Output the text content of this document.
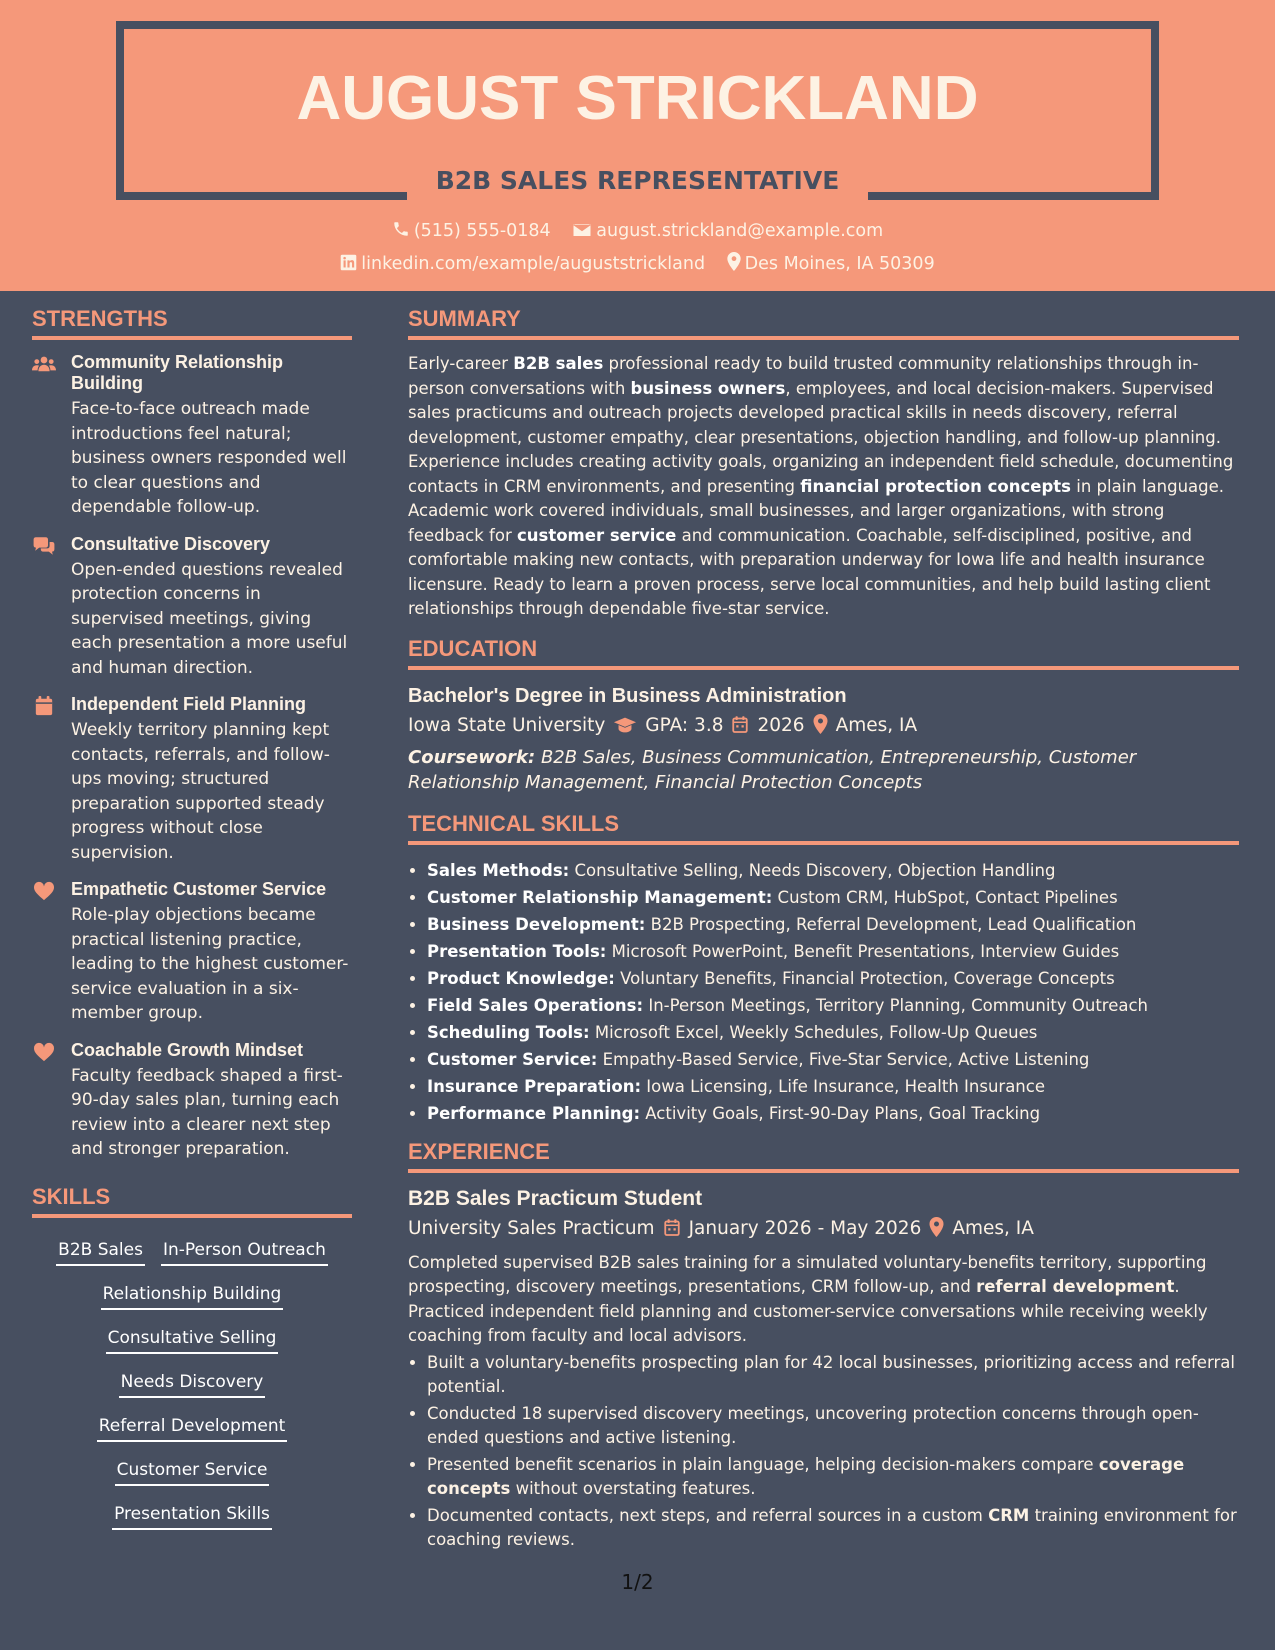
AUGUST STRICKLAND
B2B SALES REPRESENTATIVE
(515) 555-0184	august.strickland@example.com
linkedin.com/example/auguststrickland Des Moines, IA 50309
STRENGTHS
Community Relationship Building
Face-to-face outreach made introductions feel natural; business owners responded well to clear questions and dependable follow-up.
Consultative Discovery
Open-ended questions revealed protection concerns in supervised meetings, giving each presentation a more useful and human direction.
Independent Field Planning
Weekly territory planning kept contacts, referrals, and follow-ups moving; structured preparation supported steady progress without close supervision.
Empathetic Customer Service
Role-play objections became practical listening practice, leading to the highest customer-service evaluation in a six-member group.
Coachable Growth Mindset
Faculty feedback shaped a first-90-day sales plan, turning each review into a clearer next step and stronger preparation.
SKILLS
B2B Sales In-Person Outreach
Relationship Building
Consultative Selling
Needs Discovery
Referral Development
Customer Service
Presentation Skills
SUMMARY
Early-career B2B sales professional ready to build trusted community relationships through in-person conversations with business owners, employees, and local decision-makers. Supervised sales practicums and outreach projects developed practical skills in needs discovery, referral development, customer empathy, clear presentations, objection handling, and follow-up planning. Experience includes creating activity goals, organizing an independent field schedule, documenting contacts in CRM environments, and presenting financial protection concepts in plain language. Academic work covered individuals, small businesses, and larger organizations, with strong feedback for customer service and communication. Coachable, self-disciplined, positive, and comfortable making new contacts, with preparation underway for Iowa life and health insurance licensure. Ready to learn a proven process, serve local communities, and help build lasting client relationships through dependable five-star service.
EDUCATION
Bachelor's Degree in Business Administration
Iowa State University GPA: 3.8 2026 Ames, IA
Coursework: B2B Sales, Business Communication, Entrepreneurship, Customer Relationship Management, Financial Protection Concepts
TECHNICAL SKILLS
• Sales Methods: Consultative Selling, Needs Discovery, Objection Handling
• Customer Relationship Management: Custom CRM, HubSpot, Contact Pipelines
• Business Development: B2B Prospecting, Referral Development, Lead Qualification
• Presentation Tools: Microsoft PowerPoint, Benefit Presentations, Interview Guides
• Product Knowledge: Voluntary Benefits, Financial Protection, Coverage Concepts
• Field Sales Operations: In-Person Meetings, Territory Planning, Community Outreach
• Scheduling Tools: Microsoft Excel, Weekly Schedules, Follow-Up Queues
• Customer Service: Empathy-Based Service, Five-Star Service, Active Listening
• Insurance Preparation: Iowa Licensing, Life Insurance, Health Insurance
• Performance Planning: Activity Goals, First-90-Day Plans, Goal Tracking
EXPERIENCE
B2B Sales Practicum Student
University Sales Practicum January 2026 - May 2026 Ames, IA
Completed supervised B2B sales training for a simulated voluntary-benefits territory, supporting prospecting, discovery meetings, presentations, CRM follow-up, and referral development. Practiced independent field planning and customer-service conversations while receiving weekly coaching from faculty and local advisors.
• Built a voluntary-benefits prospecting plan for 42 local businesses, prioritizing access and referral potential.
• Conducted 18 supervised discovery meetings, uncovering protection concerns through open-ended questions and active listening.
• Presented benefit scenarios in plain language, helping decision-makers compare coverage concepts without overstating features.
• Documented contacts, next steps, and referral sources in a custom CRM training environment for coaching reviews.
1/2
